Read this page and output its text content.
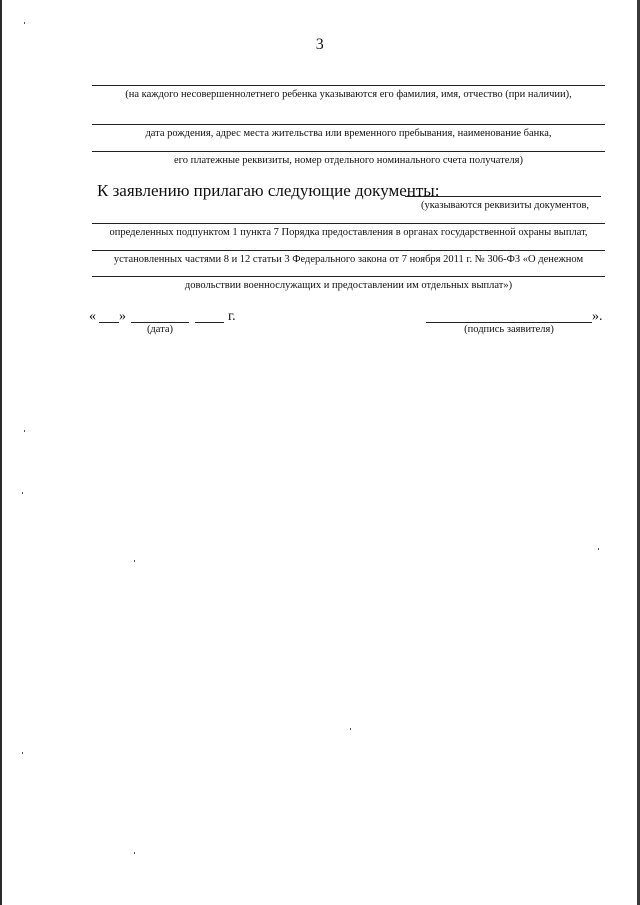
3
(на каждого несовершеннолетнего ребенка указываются его фамилия, имя, отчество (при наличии),
дата рождения, адрес места жительства или временного пребывания, наименование банка,
его платежные реквизиты, номер отдельного номинального счета получателя)
К заявлению прилагаю следующие документы:
(указываются реквизиты документов,
определенных подпунктом 1 пункта 7 Порядка предоставления в органах государственной охраны выплат,
установленных частями 8 и 12 статьи 3 Федерального закона от 7 ноября 2011 г. № 306-ФЗ «О денежном
довольствии военнослужащих и предоставлении им отдельных выплат»)
« »	г.
(дата)
».
(подпись заявителя)
